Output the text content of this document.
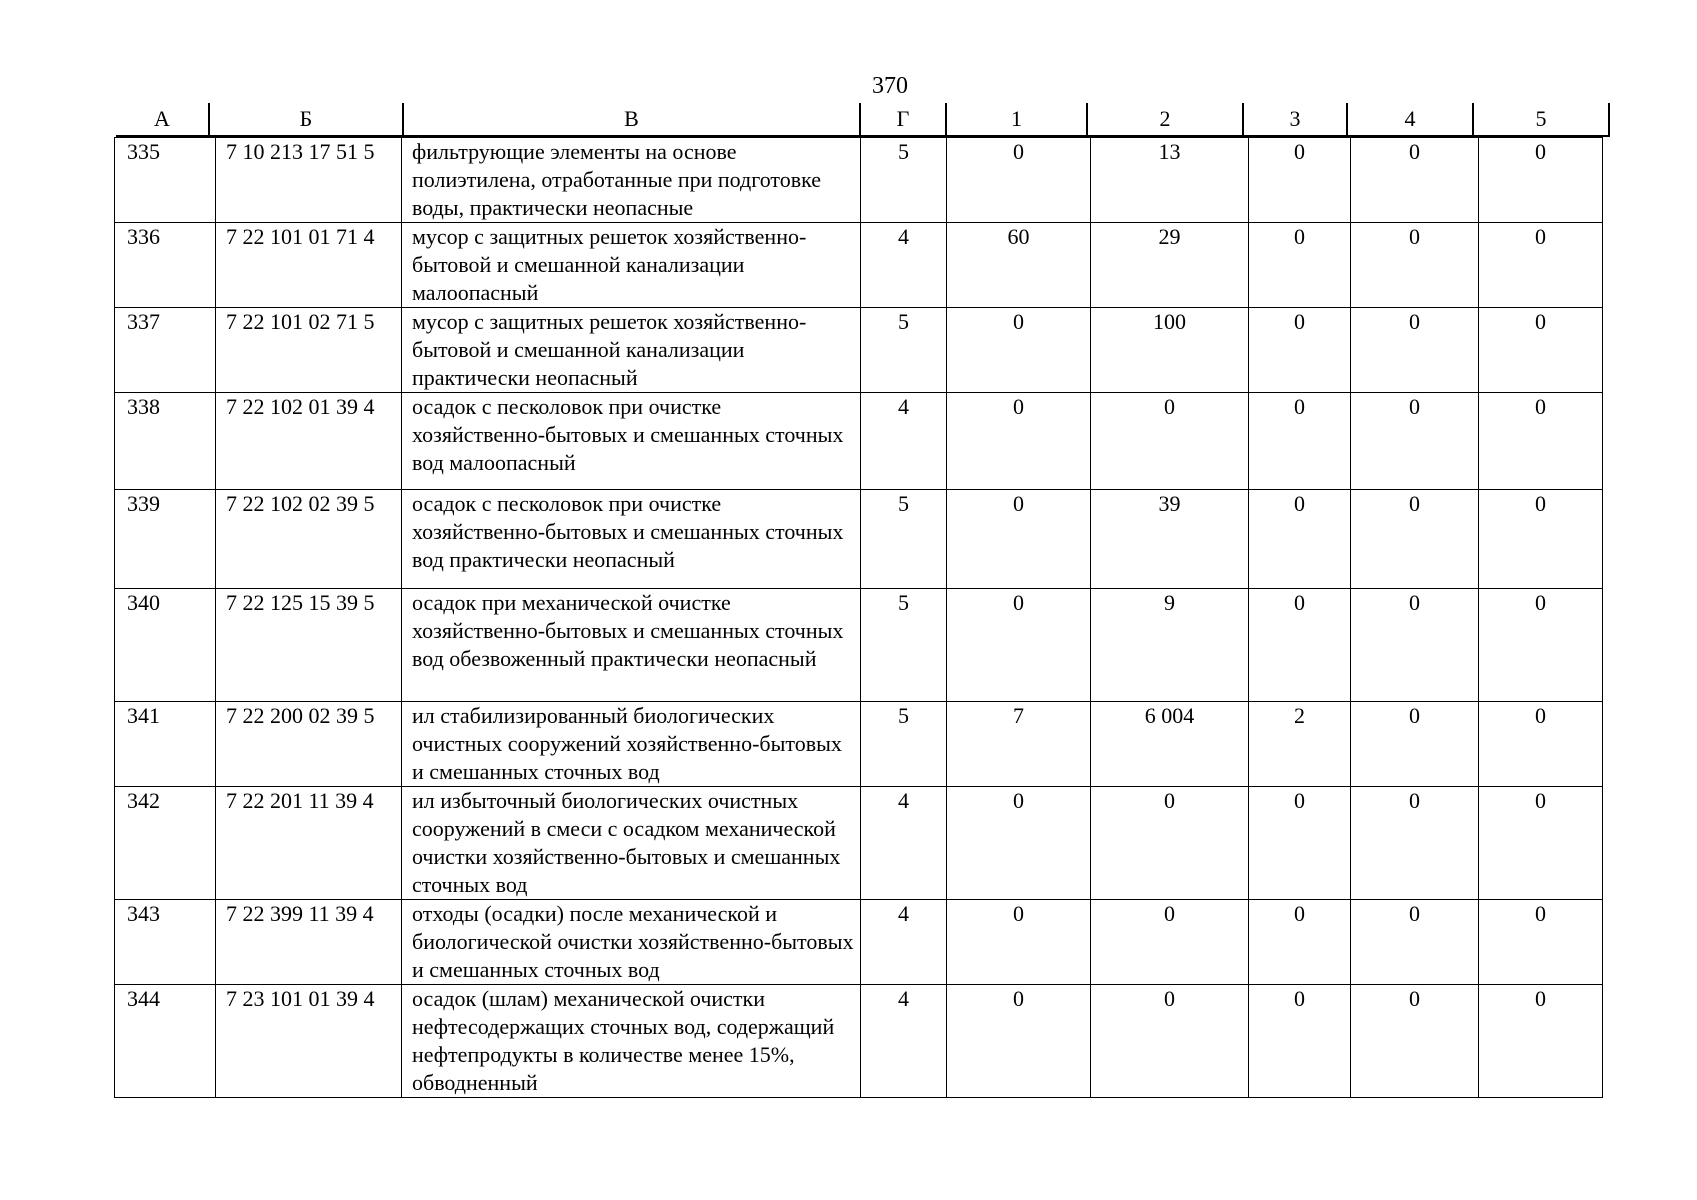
370
А	Б	В	Г	1	2	3	4	5
335	7 10 213 17 51 5	фильтрующие элементы на основе полиэтилена, отработанные при подготовке воды, практически неопасные	5	0	13	0	0	0
336	7 22 101 01 71 4	мусор с защитных решеток хозяйственно-бытовой и смешанной канализации малоопасный	4	60	29	0	0	0
337	7 22 101 02 71 5	мусор с защитных решеток хозяйственно-бытовой и смешанной канализации практически неопасный	5	0	100	0	0	0
338	7 22 102 01 39 4	осадок с песколовок при очистке хозяйственно-бытовых и смешанных сточных вод малоопасный	4	0	0	0	0	0
339	7 22 102 02 39 5	осадок с песколовок при очистке хозяйственно-бытовых и смешанных сточных вод практически неопасный	5	0	39	0	0	0
340	7 22 125 15 39 5	осадок при механической очистке хозяйственно-бытовых и смешанных сточных вод обезвоженный практически неопасный	5	0	9	0	0	0
341	7 22 200 02 39 5	ил стабилизированный биологических очистных сооружений хозяйственно-бытовых и смешанных сточных вод	5	7	6 004	2	0	0
342	7 22 201 11 39 4	ил избыточный биологических очистных сооружений в смеси с осадком механической очистки хозяйственно-бытовых и смешанных сточных вод	4	0	0	0	0	0
343	7 22 399 11 39 4	отходы (осадки) после механической и биологической очистки хозяйственно-бытовых и смешанных сточных вод	4	0	0	0	0	0
344	7 23 101 01 39 4	осадок (шлам) механической очистки нефтесодержащих сточных вод, содержащий нефтепродукты в количестве менее 15%, обводненный	4	0	0	0	0	0
